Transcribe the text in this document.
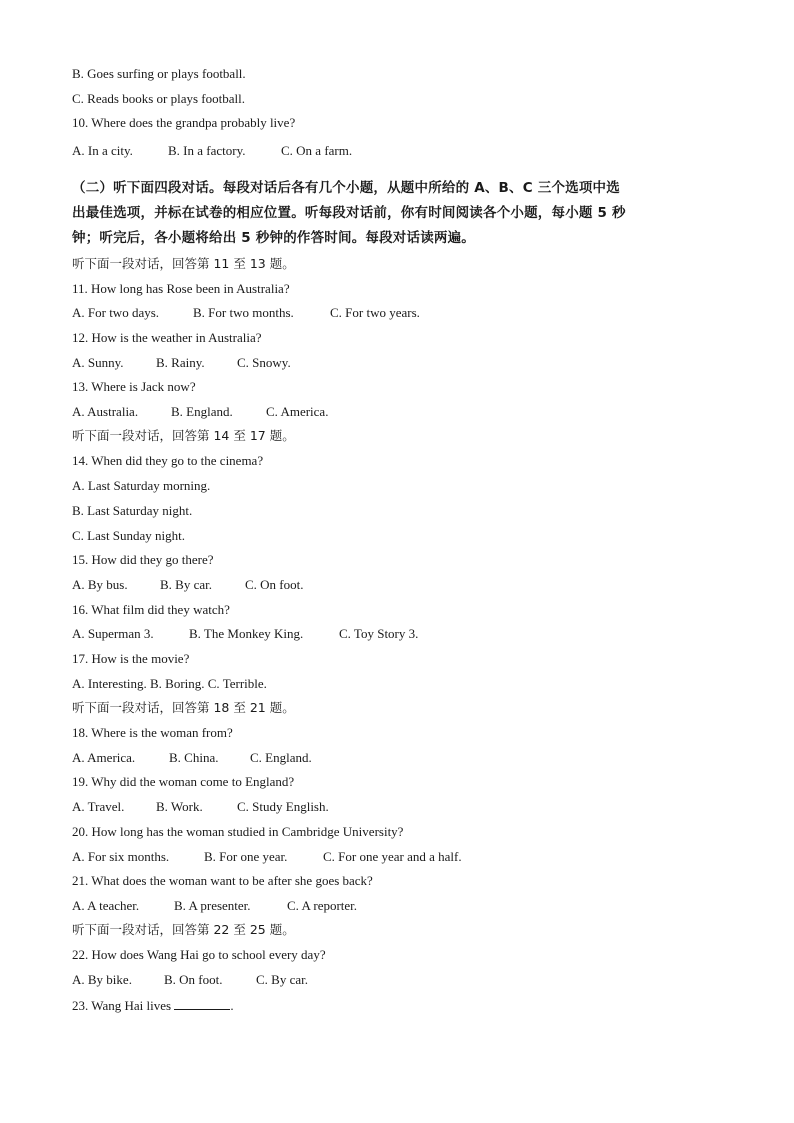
B. Goes surfing or plays football.
C. Reads books or plays football.
10. Where does the grandpa probably live?
A. In a city.	B. In a factory.	C. On a farm.
（二）听下面四段对话。每段对话后各有几个小题，从题中所给的 A、B、C 三个选项中选
出最佳选项，并标在试卷的相应位置。听每段对话前，你有时间阅读各个小题，每小题 5 秒
钟；听完后，各小题将给出 5 秒钟的作答时间。每段对话读两遍。
听下面一段对话，回答第 11 至 13 题。
11. How long has Rose been in Australia?
A. For two days.	B. For two months.	C. For two years.
12. How is the weather in Australia?
A. Sunny. B. Rainy. C. Snowy.
13. Where is Jack now?
A. Australia.	B. England.	C. America.
听下面一段对话，回答第 14 至 17 题。
14. When did they go to the cinema?
A. Last Saturday morning.
B. Last Saturday night.
C. Last Sunday night.
15. How did they go there?
A. By bus. B. By car.	C. On foot.
16. What film did they watch?
A. Superman 3.	B. The Monkey King.	C. Toy Story 3.
17. How is the movie?
A. Interesting. B. Boring. C. Terrible.
听下面一段对话，回答第 18 至 21 题。
18. Where is the woman from?
A. America.	B. China. C. England.
19. Why did the woman come to England?
A. Travel. B. Work.	C. Study English.
20. How long has the woman studied in Cambridge University?
A. For six months.	B. For one year.	C. For one year and a half.
21. What does the woman want to be after she goes back?
A. A teacher.	B. A presenter.	C. A reporter.
听下面一段对话，回答第 22 至 25 题。
22. How does Wang Hai go to school every day?
A. By bike. B. On foot.	C. By car.
23. Wang Hai lives	.
